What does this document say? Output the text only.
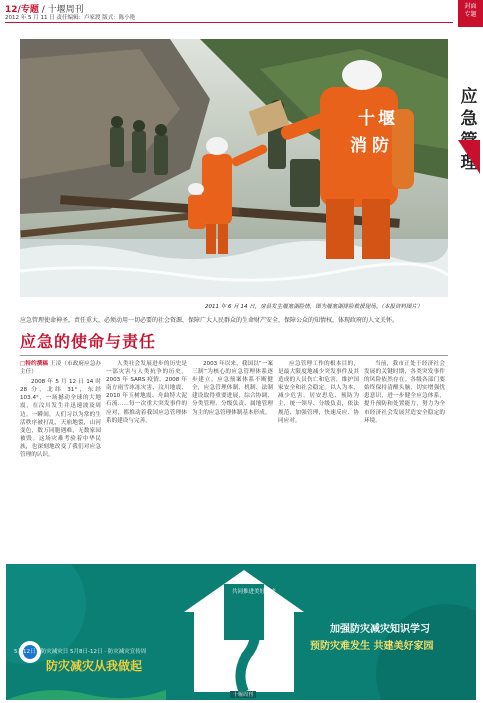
12/专题 / 十堰周刊
2012 年 5 月 11 日 责任编辑：卢家渡 版式：陈小艳
封面
专题
十 堰
消 防
2011 年 6 月 14 日，房县发生堰塞湖险情，图为堰塞湖排险救援现场。（本报资料图片）
应急管理
应急管理使命神圣，责任重大，必须动用一切必要的社会资源，保障广大人民群众的生命财产安全，保障公众的知情权，体现政府的人文关怀。
应急的使命与责任
□特约撰稿 王凌（市政府应急办主任）

2008 年 5 月 12 日 14 时 28 分，北纬 31°，东经 103.4°，一场撼动全球的大地震，在汶川发生并迅速波及周边。一瞬间，人们习以为常的生活秩序被打乱，天崩地裂，山河变色，数万同胞遇难，无数家园被毁。这场灾难考验着中华民族，也深刻地改变了我们对应急管理的认识。

人类社会发展进步的历史是一部灾害与人类抗争的历史。2003 年 SARS 疫情、2008 年南方雨雪冰冻灾害、汶川地震、2010 年玉树地震、舟曲特大泥石流……每一次重大突发事件的应对，都推动着我国应急管理体系的建设与完善。

2003 年以来，我国以“一案三制”为核心的应急管理体系逐步建立。应急预案体系不断健全，应急管理体制、机制、法制建设取得重要进展，综合协调、分类管理、分级负责、属地管理为主的应急管理体制基本形成。

应急管理工作的根本目的，是最大限度地减少突发事件及其造成的人员伤亡和危害，维护国家安全和社会稳定。以人为本、减少危害，居安思危、预防为主，统一领导、分级负责，依法规范、加强管理，快速反应、协同应对。

当前，我市正处于经济社会发展的关键时期，各类突发事件的风险依然存在。各级各部门要始终保持清醒头脑，切实增强忧患意识，进一步健全应急体系，提升预防和处置能力，努力为全市经济社会发展营造安全稳定的环境。

共同推进美好未来
5月12日 · 防灾减灾日 5月8日-12日 · 防灾减灾宣传周
防灾减灾从我做起
加强防灾减灾知识学习
预防灾难发生 共建美好家园
十堰周刊
